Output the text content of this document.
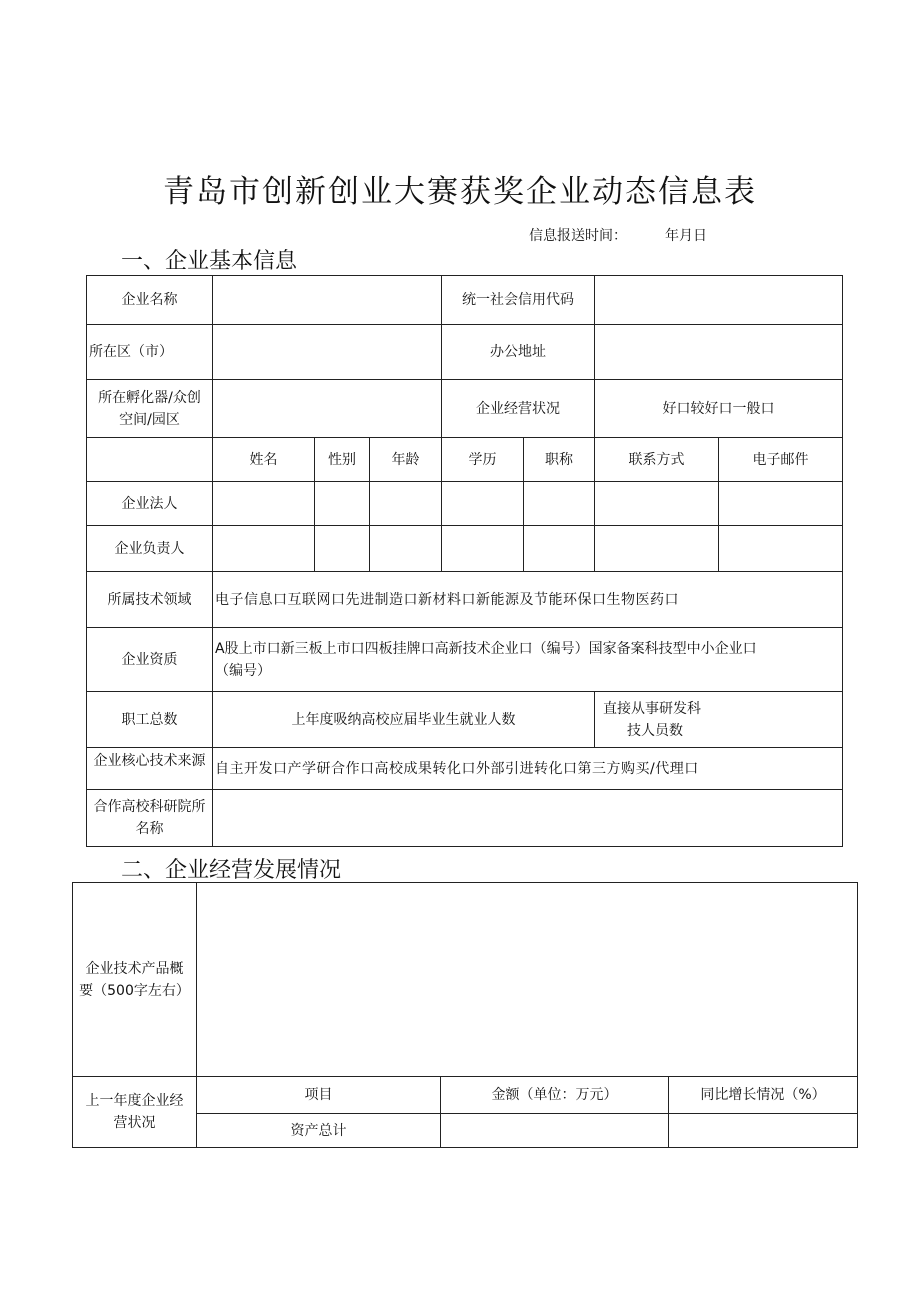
青岛市创新创业大赛获奖企业动态信息表
信息报送时间：	年月日
一、企业基本信息
企业名称				统一社会信用代码			
所在区（市）				办公地址			

所在孵化器/众创
空间/园区				企业经营状况		好口较好口一般口	
	姓名	性别	年龄	学历	职称	联系方式	电子邮件
企业法人							
企业负责人							
所属技术领域	电子信息口互联网口先进制造口新材料口新能源及节能环保口生物医药口						
企业资质	A股上市口新三板上市口四板挂牌口高新技术企业口（编号）国家备案科技型中小企业口
（编号）						

职工总数	上年度吸纳高校应届毕业生就业人数					直接从事研发科
技人员数	

企业核心技术来源	自主开发口产学研合作口高校成果转化口外部引进转化口第三方购买/代理口						

合作高校科研院所
名称							

二、企业经营发展情况
企业技术产品概
要（500字左右）			

上一年度企业经
营状况	项目	金额（单位：万元）	同比增长情况（%）
	资产总计		
